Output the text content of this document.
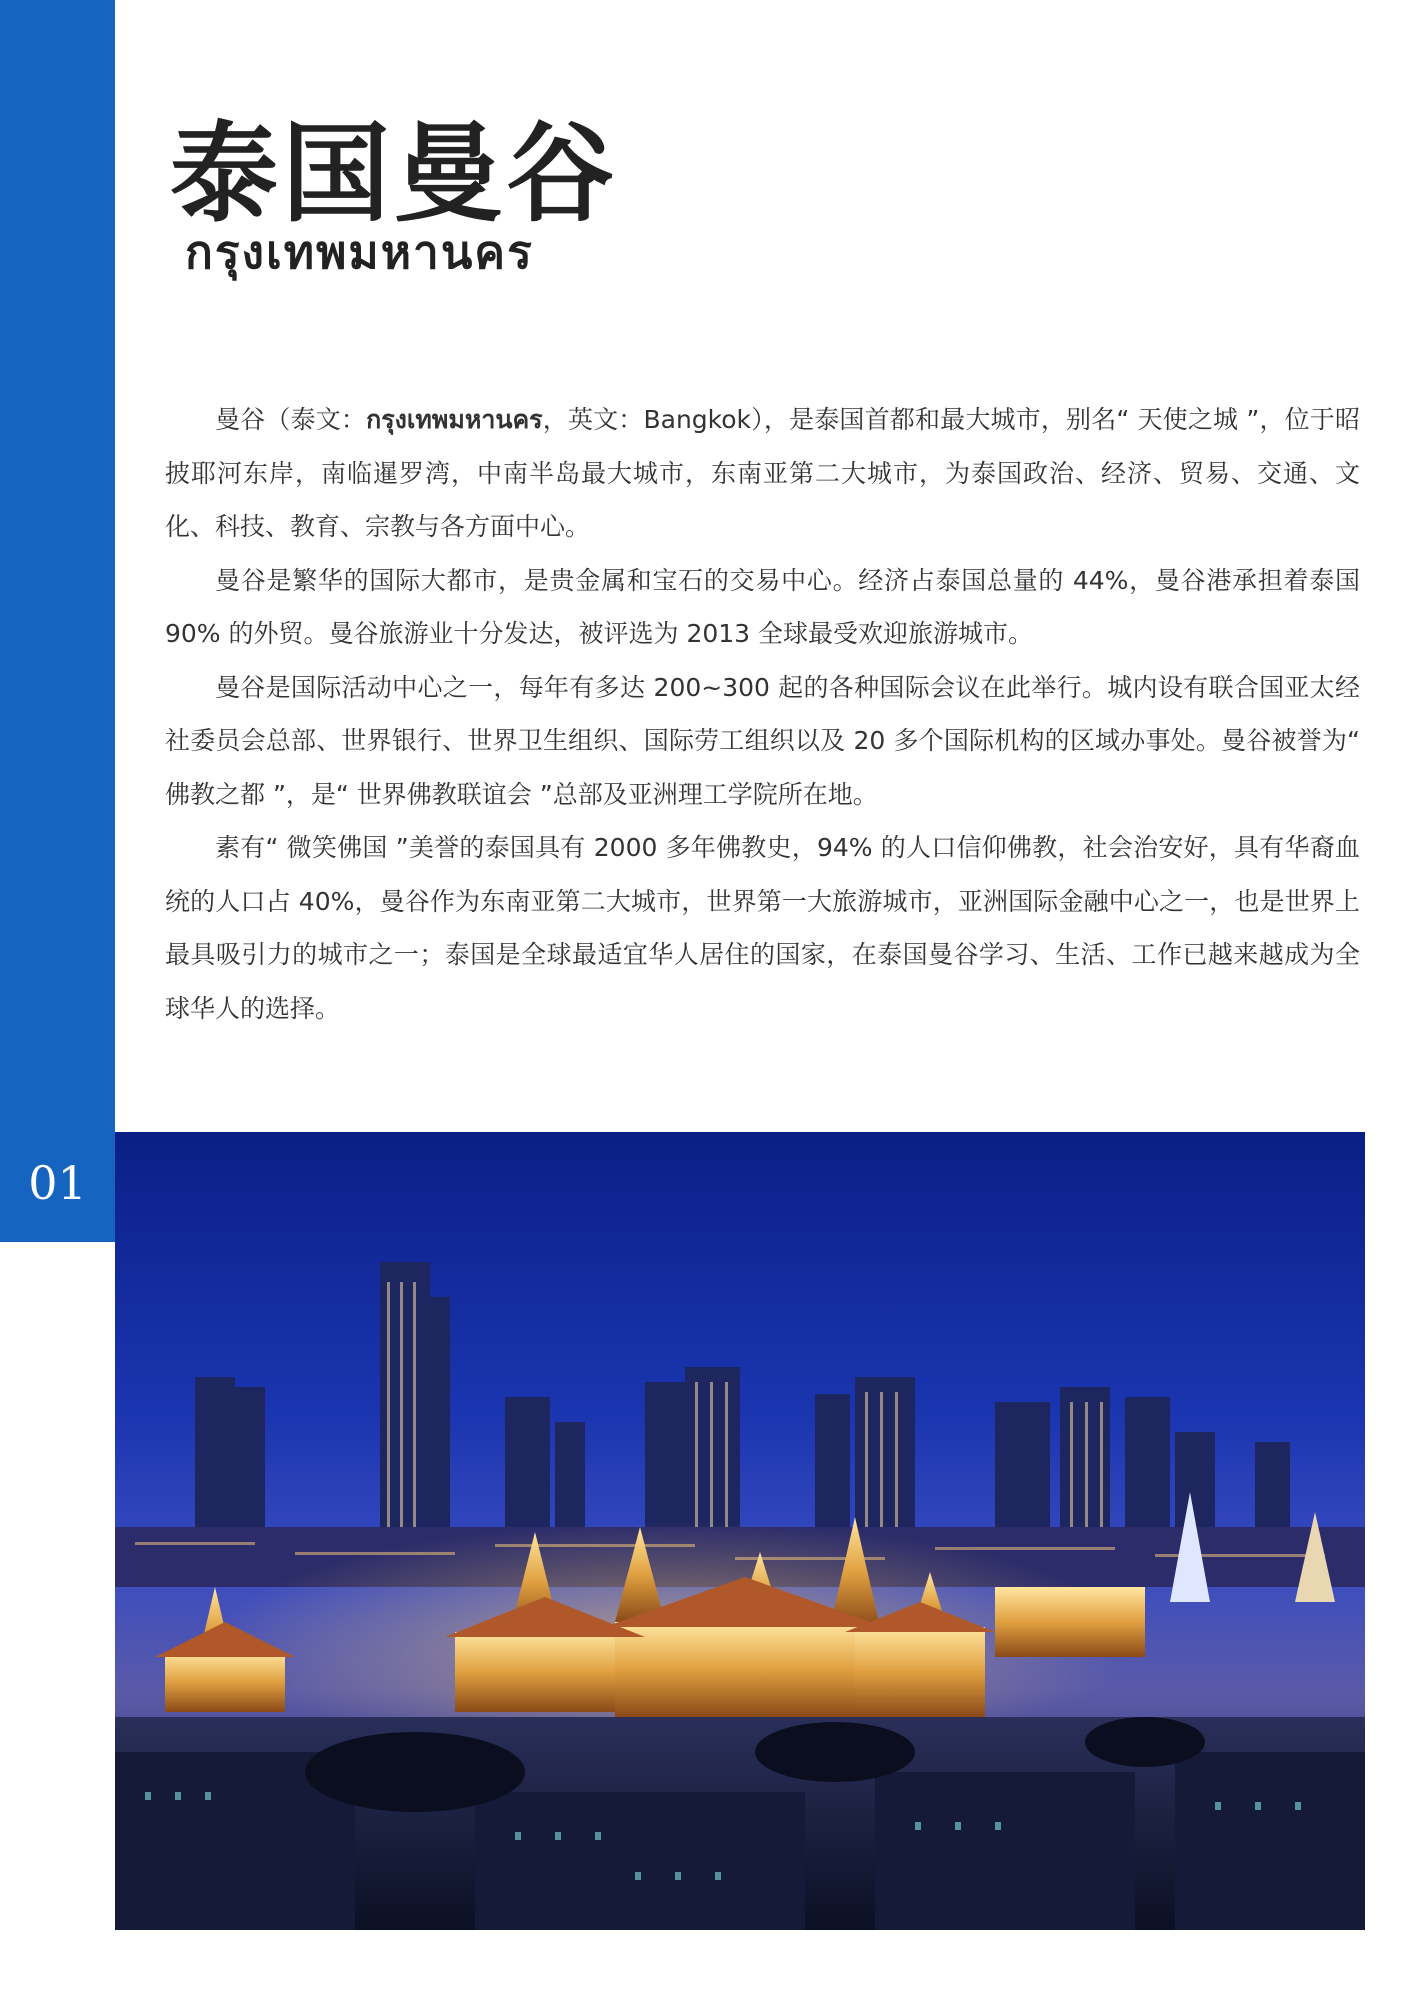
01
泰国曼谷
กรุงเทพมหานคร

曼谷（泰文：กรุงเทพมหานคร，英文：Bangkok），是泰国首都和最大城市，别名“ 天使之城 ”，位于昭披耶河东岸，南临暹罗湾，中南半岛最大城市，东南亚第二大城市，为泰国政治、经济、贸易、交通、文化、科技、教育、宗教与各方面中心。

曼谷是繁华的国际大都市，是贵金属和宝石的交易中心。经济占泰国总量的 44%，曼谷港承担着泰国 90% 的外贸。曼谷旅游业十分发达，被评选为 2013 全球最受欢迎旅游城市。

曼谷是国际活动中心之一，每年有多达 200~300 起的各种国际会议在此举行。城内设有联合国亚太经社委员会总部、世界银行、世界卫生组织、国际劳工组织以及 20 多个国际机构的区域办事处。曼谷被誉为“ 佛教之都 ”，是“ 世界佛教联谊会 ”总部及亚洲理工学院所在地。

素有“ 微笑佛国 ”美誉的泰国具有 2000 多年佛教史，94% 的人口信仰佛教，社会治安好，具有华裔血统的人口占 40%，曼谷作为东南亚第二大城市，世界第一大旅游城市，亚洲国际金融中心之一，也是世界上最具吸引力的城市之一；泰国是全球最适宜华人居住的国家，在泰国曼谷学习、生活、工作已越来越成为全球华人的选择。
